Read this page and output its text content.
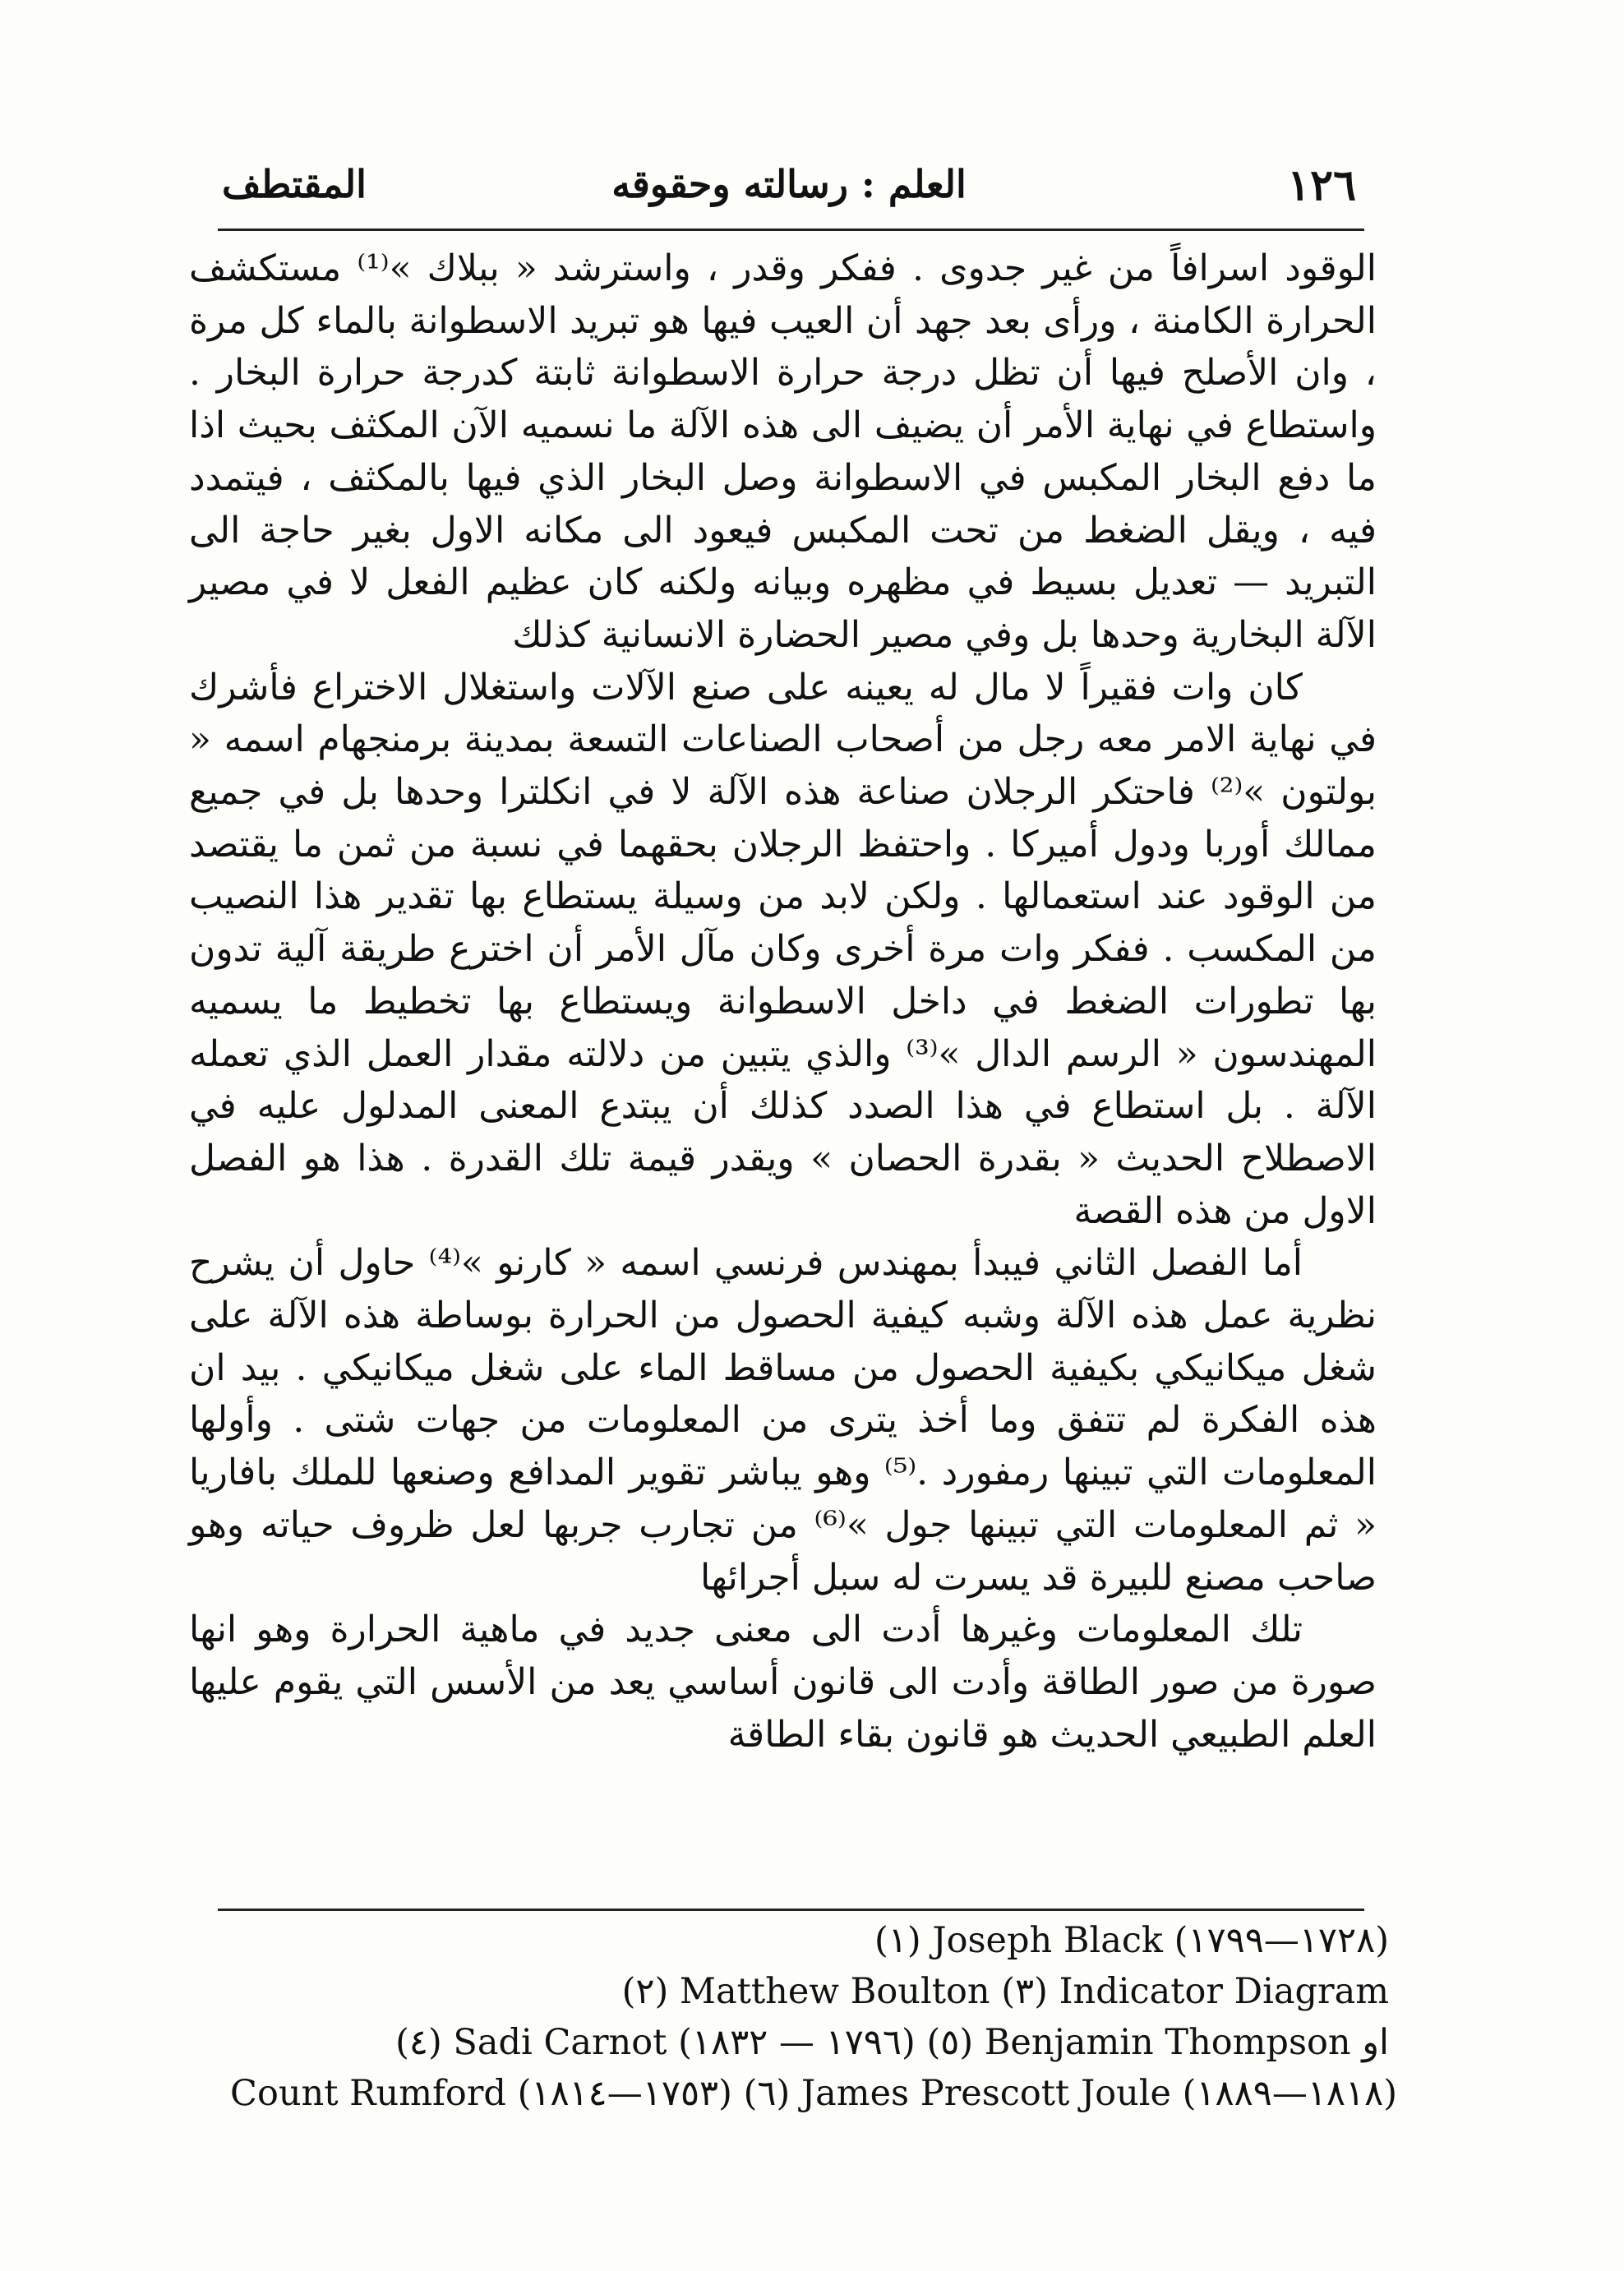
١٢٦
العلم : رسالته وحقوقه
المقتطف

الوقود اسرافاً من غير جدوى . ففكر وقدر ، واسترشد « ببلاك »⁽¹⁾ مستكشف الحرارة الكامنة ، ورأى بعد جهد أن العيب فيها هو تبريد الاسطوانة بالماء كل مرة ، وان الأصلح فيها أن تظل درجة حرارة الاسطوانة ثابتة كدرجة حرارة البخار . واستطاع في نهاية الأمر أن يضيف الى هذه الآلة ما نسميه الآن المكثف بحيث اذا ما دفع البخار المكبس في الاسطوانة وصل البخار الذي فيها بالمكثف ، فيتمدد فيه ، ويقل الضغط من تحت المكبس فيعود الى مكانه الاول بغير حاجة الى التبريد — تعديل بسيط في مظهره وبيانه ولكنه كان عظيم الفعل لا في مصير الآلة البخارية وحدها بل وفي مصير الحضارة الانسانية كذلك

كان وات فقيراً لا مال له يعينه على صنع الآلات واستغلال الاختراع فأشرك في نهاية الامر معه رجل من أصحاب الصناعات التسعة بمدينة برمنجهام اسمه « بولتون »⁽²⁾ فاحتكر الرجلان صناعة هذه الآلة لا في انكلترا وحدها بل في جميع ممالك أوربا ودول أميركا . واحتفظ الرجلان بحقهما في نسبة من ثمن ما يقتصد من الوقود عند استعمالها . ولكن لابد من وسيلة يستطاع بها تقدير هذا النصيب من المكسب . ففكر وات مرة أخرى وكان مآل الأمر أن اخترع طريقة آلية تدون بها تطورات الضغط في داخل الاسطوانة ويستطاع بها تخطيط ما يسميه المهندسون « الرسم الدال »⁽³⁾ والذي يتبين من دلالته مقدار العمل الذي تعمله الآلة . بل استطاع في هذا الصدد كذلك أن يبتدع المعنى المدلول عليه في الاصطلاح الحديث « بقدرة الحصان » ويقدر قيمة تلك القدرة . هذا هو الفصل الاول من هذه القصة

أما الفصل الثاني فيبدأ بمهندس فرنسي اسمه « كارنو »⁽⁴⁾ حاول أن يشرح نظرية عمل هذه الآلة وشبه كيفية الحصول من الحرارة بوساطة هذه الآلة على شغل ميكانيكي بكيفية الحصول من مساقط الماء على شغل ميكانيكي . بيد ان هذه الفكرة لم تتفق وما أخذ يترى من المعلومات من جهات شتى . وأولها المعلومات التي تبينها رمفورد .⁽⁵⁾ وهو يباشر تقوير المدافع وصنعها للملك بافاريا « ثم المعلومات التي تبينها جول »⁽⁶⁾ من تجارب جربها لعل ظروف حياته وهو صاحب مصنع للبيرة قد يسرت له سبل أجرائها

تلك المعلومات وغيرها أدت الى معنى جديد في ماهية الحرارة وهو انها صورة من صور الطاقة وأدت الى قانون أساسي يعد من الأسس التي يقوم عليها العلم الطبيعي الحديث هو قانون بقاء الطاقة

(١) Joseph Black (١٧٢٨—١٧٩٩)
(٢) Matthew Boulton (٣) Indicator Diagram
(٤) Sadi Carnot (١٧٩٦ — ١٨٣٢) (٥) Benjamin Thompson او
Count Rumford (١٧٥٣—١٨١٤) (٦) James Prescott Joule (١٨١٨—١٨٨٩)
